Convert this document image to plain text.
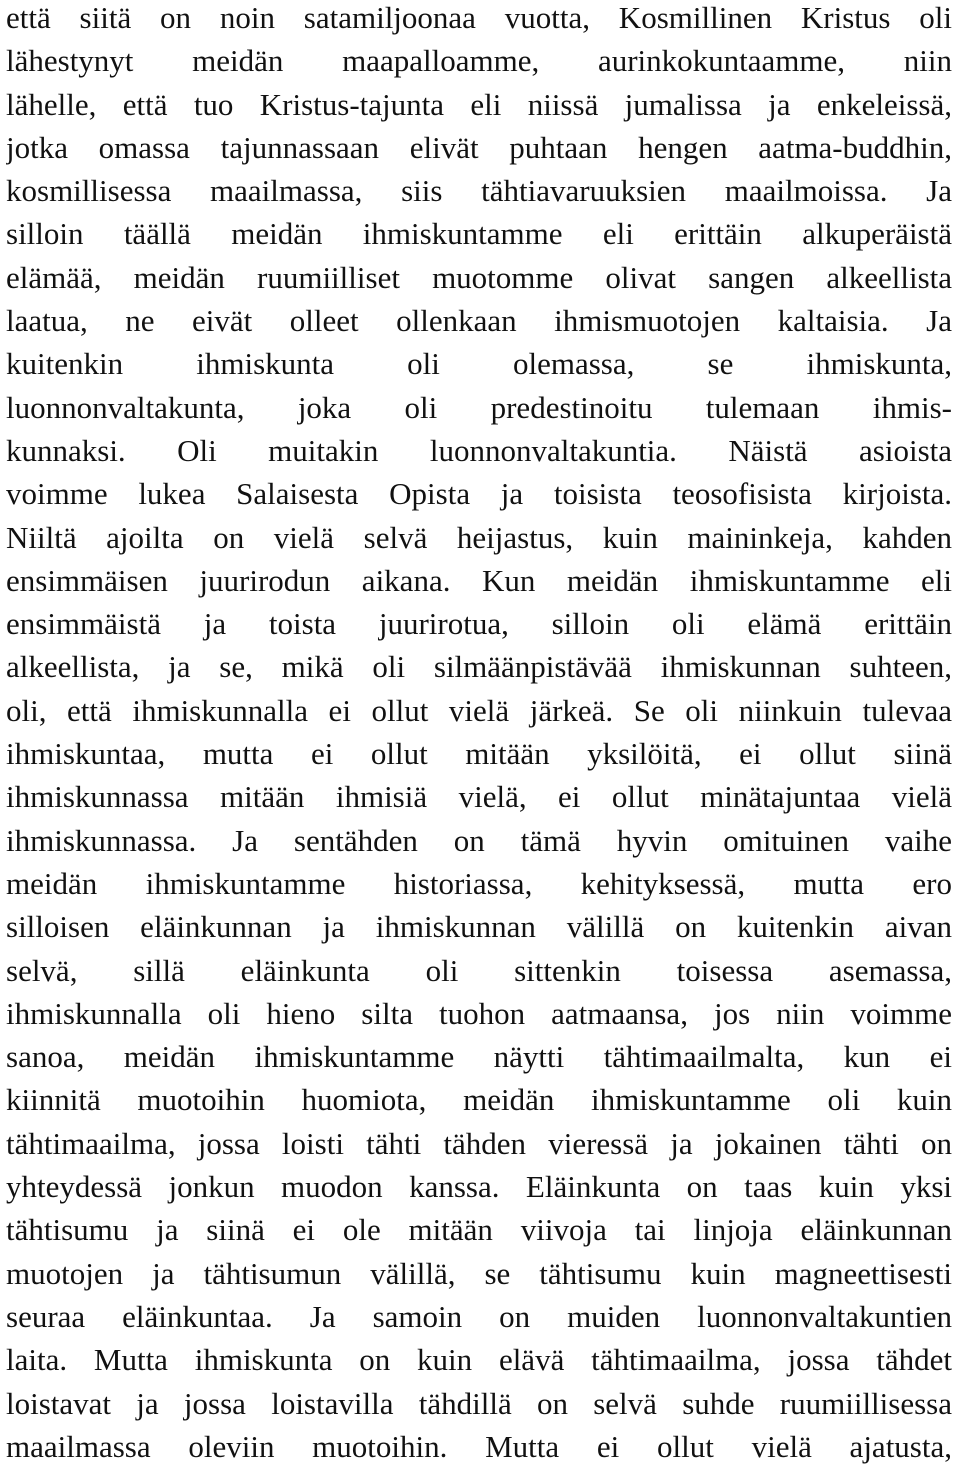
että siitä on noin satamiljoonaa vuotta, Kosmillinen Kristus oli
lähestynyt meidän maapalloamme, aurinkokuntaamme, niin
lähelle, että tuo Kristus-tajunta eli niissä jumalissa ja enkeleissä,
jotka omassa tajunnassaan elivät puhtaan hengen aatma-buddhin,
kosmillisessa maailmassa, siis tähtiavaruuksien maailmoissa. Ja
silloin täällä meidän ihmiskuntamme eli erittäin alkuperäistä
elämää, meidän ruumiilliset muotomme olivat sangen alkeellista
laatua, ne eivät olleet ollenkaan ihmismuotojen kaltaisia. Ja
kuitenkin ihmiskunta oli olemassa, se ihmiskunta,
luonnonvaltakunta, joka oli predestinoitu tulemaan ihmis-
kunnaksi. Oli muitakin luonnonvaltakuntia. Näistä asioista
voimme lukea Salaisesta Opista ja toisista teosofisista kirjoista.
Niiltä ajoilta on vielä selvä heijastus, kuin maininkeja, kahden
ensimmäisen juurirodun aikana. Kun meidän ihmiskuntamme eli
ensimmäistä ja toista juurirotua, silloin oli elämä erittäin
alkeellista, ja se, mikä oli silmäänpistävää ihmiskunnan suhteen,
oli, että ihmiskunnalla ei ollut vielä järkeä. Se oli niinkuin tulevaa
ihmiskuntaa, mutta ei ollut mitään yksilöitä, ei ollut siinä
ihmiskunnassa mitään ihmisiä vielä, ei ollut minätajuntaa vielä
ihmiskunnassa. Ja sentähden on tämä hyvin omituinen vaihe
meidän ihmiskuntamme historiassa, kehityksessä, mutta ero
silloisen eläinkunnan ja ihmiskunnan välillä on kuitenkin aivan
selvä, sillä eläinkunta oli sittenkin toisessa asemassa,
ihmiskunnalla oli hieno silta tuohon aatmaansa, jos niin voimme
sanoa, meidän ihmiskuntamme näytti tähtimaailmalta, kun ei
kiinnitä muotoihin huomiota, meidän ihmiskuntamme oli kuin
tähtimaailma, jossa loisti tähti tähden vieressä ja jokainen tähti on
yhteydessä jonkun muodon kanssa. Eläinkunta on taas kuin yksi
tähtisumu ja siinä ei ole mitään viivoja tai linjoja eläinkunnan
muotojen ja tähtisumun välillä, se tähtisumu kuin magneettisesti
seuraa eläinkuntaa. Ja samoin on muiden luonnonvaltakuntien
laita. Mutta ihmiskunta on kuin elävä tähtimaailma, jossa tähdet
loistavat ja jossa loistavilla tähdillä on selvä suhde ruumiillisessa
maailmassa oleviin muotoihin. Mutta ei ollut vielä ajatusta,
